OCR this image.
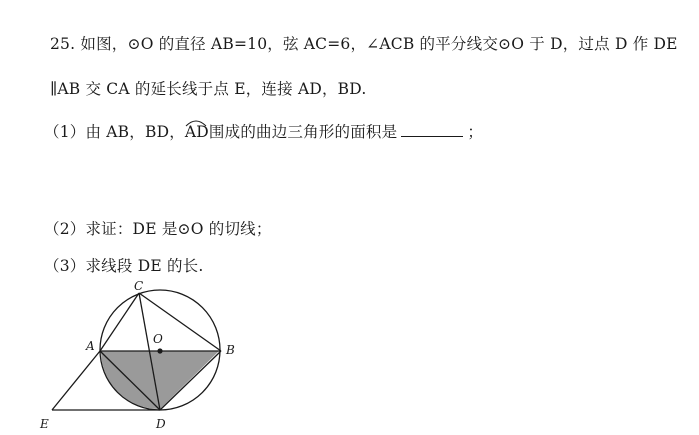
25. 如图，⊙O 的直径 AB=10，弦 AC=6，∠ACB 的平分线交⊙O 于 D，过点 D 作 DE
∥AB 交 CA 的延长线于点 E，连接 AD，BD.
（1）由 AB，BD，
AD围成的曲边三角形的面积是	；
（2）求证：DE 是⊙O 的切线；
（3）求线段 DE 的长.
C
A	O
B
E	D
